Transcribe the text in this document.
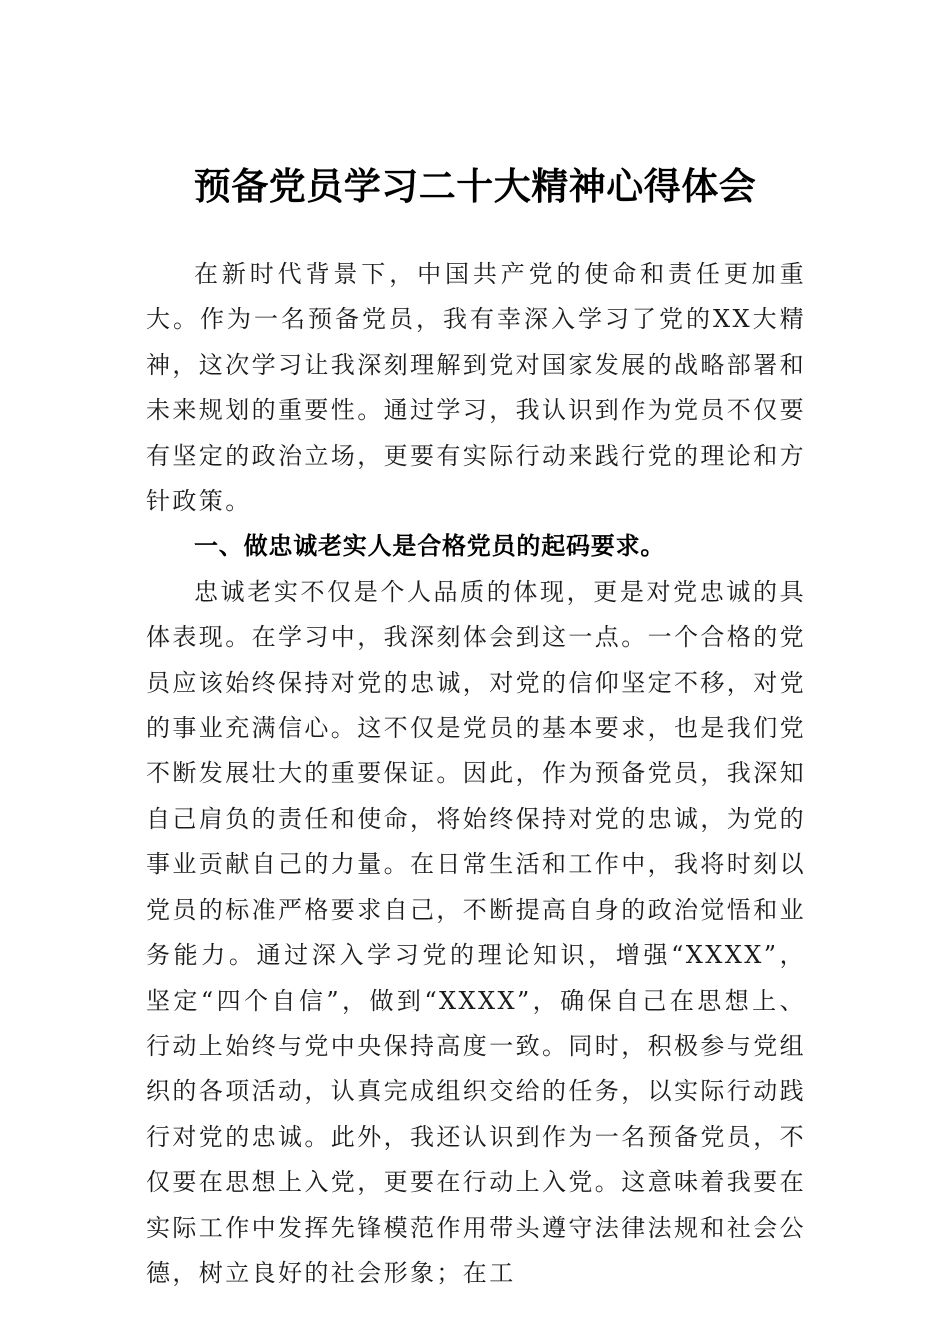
预备党员学习二十大精神心得体会

在新时代背景下，中国共产党的使命和责任更加重大。作为一名预备党员，我有幸深入学习了党的XX大精神，这次学习让我深刻理解到党对国家发展的战略部署和未来规划的重要性。通过学习，我认识到作为党员不仅要有坚定的政治立场，更要有实际行动来践行党的理论和方针政策。

一、做忠诚老实人是合格党员的起码要求。

忠诚老实不仅是个人品质的体现，更是对党忠诚的具体表现。在学习中，我深刻体会到这一点。一个合格的党员应该始终保持对党的忠诚，对党的信仰坚定不移，对党的事业充满信心。这不仅是党员的基本要求，也是我们党不断发展壮大的重要保证。因此，作为预备党员，我深知自己肩负的责任和使命，将始终保持对党的忠诚，为党的事业贡献自己的力量。在日常生活和工作中，我将时刻以党员的标准严格要求自己，不断提高自身的政治觉悟和业务能力。通过深入学习党的理论知识，增强“XXXX”，坚定“四个自信”，做到“XXXX”，确保自己在思想上、行动上始终与党中央保持高度一致。同时，积极参与党组织的各项活动，认真完成组织交给的任务，以实际行动践行对党的忠诚。此外，我还认识到作为一名预备党员，不仅要在思想上入党，更要在行动上入党。这意味着我要在实际工作中发挥先锋模范作用带头遵守法律法规和社会公德，树立良好的社会形象；在工
